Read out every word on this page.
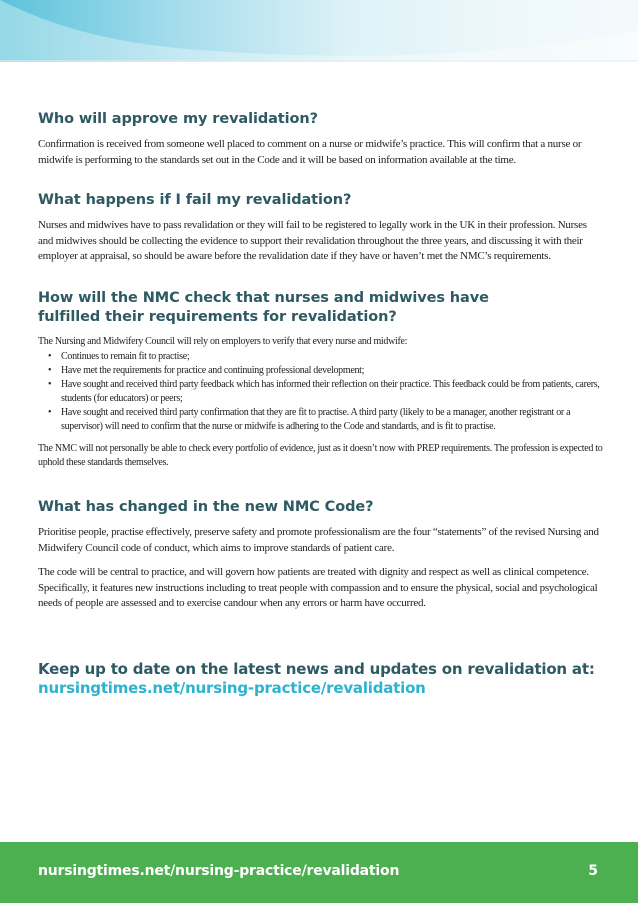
Who will approve my revalidation?

Confirmation is received from someone well placed to comment on a nurse or midwife’s practice. This will confirm that a nurse or midwife is performing to the standards set out in the Code and it will be based on information available at the time.

What happens if I fail my revalidation?

Nurses and midwives have to pass revalidation or they will fail to be registered to legally work in the UK in their profession. Nurses and midwives should be collecting the evidence to support their revalidation throughout the three years, and discussing it with their employer at appraisal, so should be aware before the revalidation date if they have or haven’t met the NMC’s requirements.

How will the NMC check that nurses and midwives have
fulfilled their requirements for revalidation?

The Nursing and Midwifery Council will rely on employers to verify that every nurse and midwife:

• Continues to remain fit to practise;
• Have met the requirements for practice and continuing professional development;
• Have sought and received third party feedback which has informed their reflection on their practice. This feedback could be from patients, carers, students (for educators) or peers;
• Have sought and received third party confirmation that they are fit to practise. A third party (likely to be a manager, another registrant or a supervisor) will need to confirm that the nurse or midwife is adhering to the Code and standards, and is fit to practise.

The NMC will not personally be able to check every portfolio of evidence, just as it doesn’t now with PREP requirements. The profession is expected to uphold these standards themselves.

What has changed in the new NMC Code?

Prioritise people, practise effectively, preserve safety and promote professionalism are the four “statements” of the revised Nursing and Midwifery Council code of conduct, which aims to improve standards of patient care.

The code will be central to practice, and will govern how patients are treated with dignity and respect as well as clinical competence. Specifically, it features new instructions including to treat people with compassion and to ensure the physical, social and psychological needs of people are assessed and to exercise candour when any errors or harm have occurred.

Keep up to date on the latest news and updates on revalidation at:
nursingtimes.net/nursing-practice/revalidation
nursingtimes.net/nursing-practice/revalidation	5
